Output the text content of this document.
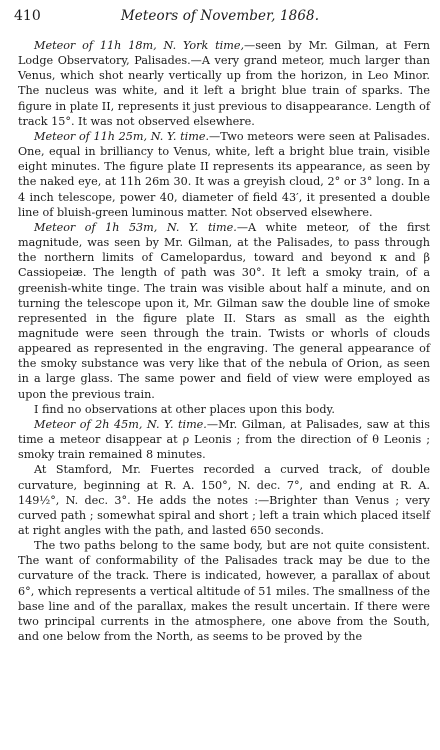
410	Meteors of November, 1868.

Meteor of 11h 18m, N. York time,—seen by Mr. Gilman, at Fern Lodge Observatory, Palisades.—A very grand meteor, much larger than Venus, which shot nearly vertically up from the horizon, in Leo Minor. The nucleus was white, and it left a bright blue train of sparks. The figure in plate II, represents it just previous to disappearance. Length of track 15°. It was not observed elsewhere.

Meteor of 11h 25m, N. Y. time.—Two meteors were seen at Palisades. One, equal in brilliancy to Venus, white, left a bright blue train, visible eight minutes. The figure plate II represents its appearance, as seen by the naked eye, at 11h 26m 30. It was a greyish cloud, 2° or 3° long. In a 4 inch telescope, power 40, diameter of field 43′, it presented a double line of bluish-green luminous matter. Not observed elsewhere.

Meteor of 1h 53m, N. Y. time.—A white meteor, of the first magnitude, was seen by Mr. Gilman, at the Palisades, to pass through the northern limits of Camelopardus, toward and beyond κ and β Cassiopeiæ. The length of path was 30°. It left a smoky train, of a greenish-white tinge. The train was visible about half a minute, and on turning the telescope upon it, Mr. Gilman saw the double line of smoke represented in the figure plate II. Stars as small as the eighth magnitude were seen through the train. Twists or whorls of clouds appeared as represented in the engraving. The general appearance of the smoky substance was very like that of the nebula of Orion, as seen in a large glass. The same power and field of view were employed as upon the previous train.

I find no observations at other places upon this body.

Meteor of 2h 45m, N. Y. time.—Mr. Gilman, at Palisades, saw at this time a meteor disappear at ρ Leonis ; from the direction of θ Leonis ; smoky train remained 8 minutes.

At Stamford, Mr. Fuertes recorded a curved track, of double curvature, beginning at R. A. 150°, N. dec. 7°, and ending at R. A. 149½°, N. dec. 3°. He adds the notes :—Brighter than Venus ; very curved path ; somewhat spiral and short ; left a train which placed itself at right angles with the path, and lasted 650 seconds.

The two paths belong to the same body, but are not quite consistent. The want of conformability of the Palisades track may be due to the curvature of the track. There is indicated, however, a parallax of about 6°, which represents a vertical altitude of 51 miles. The smallness of the base line and of the parallax, makes the result uncertain. If there were two principal currents in the atmosphere, one above from the South, and one below from the North, as seems to be proved by the
